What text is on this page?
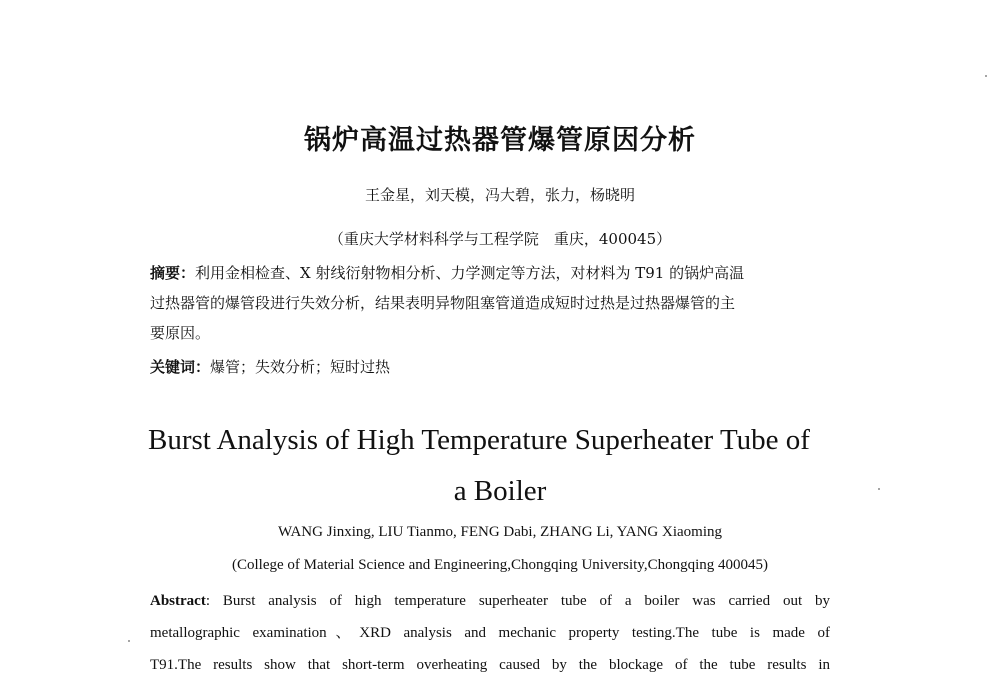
锅炉高温过热器管爆管原因分析
王金星，刘天模，冯大碧，张力，杨晓明
（重庆大学材料科学与工程学院　重庆，400045）
摘要：利用金相检查、X 射线衍射物相分析、力学测定等方法，对材料为 T91 的锅炉高温
过热器管的爆管段进行失效分析，结果表明异物阻塞管道造成短时过热是过热器爆管的主
要原因。
关键词：爆管；失效分析；短时过热
Burst Analysis of High Temperature Superheater Tube of
a Boiler
WANG Jinxing, LIU Tianmo, FENG Dabi, ZHANG Li, YANG Xiaoming
(College of Material Science and Engineering,Chongqing University,Chongqing 400045)
Abstract: Burst analysis of high temperature superheater tube of a boiler was carried out by
metallographic examination、XRD analysis and mechanic property testing.The tube is made of
T91.The results show that short-term overheating caused by the blockage of the tube results in
